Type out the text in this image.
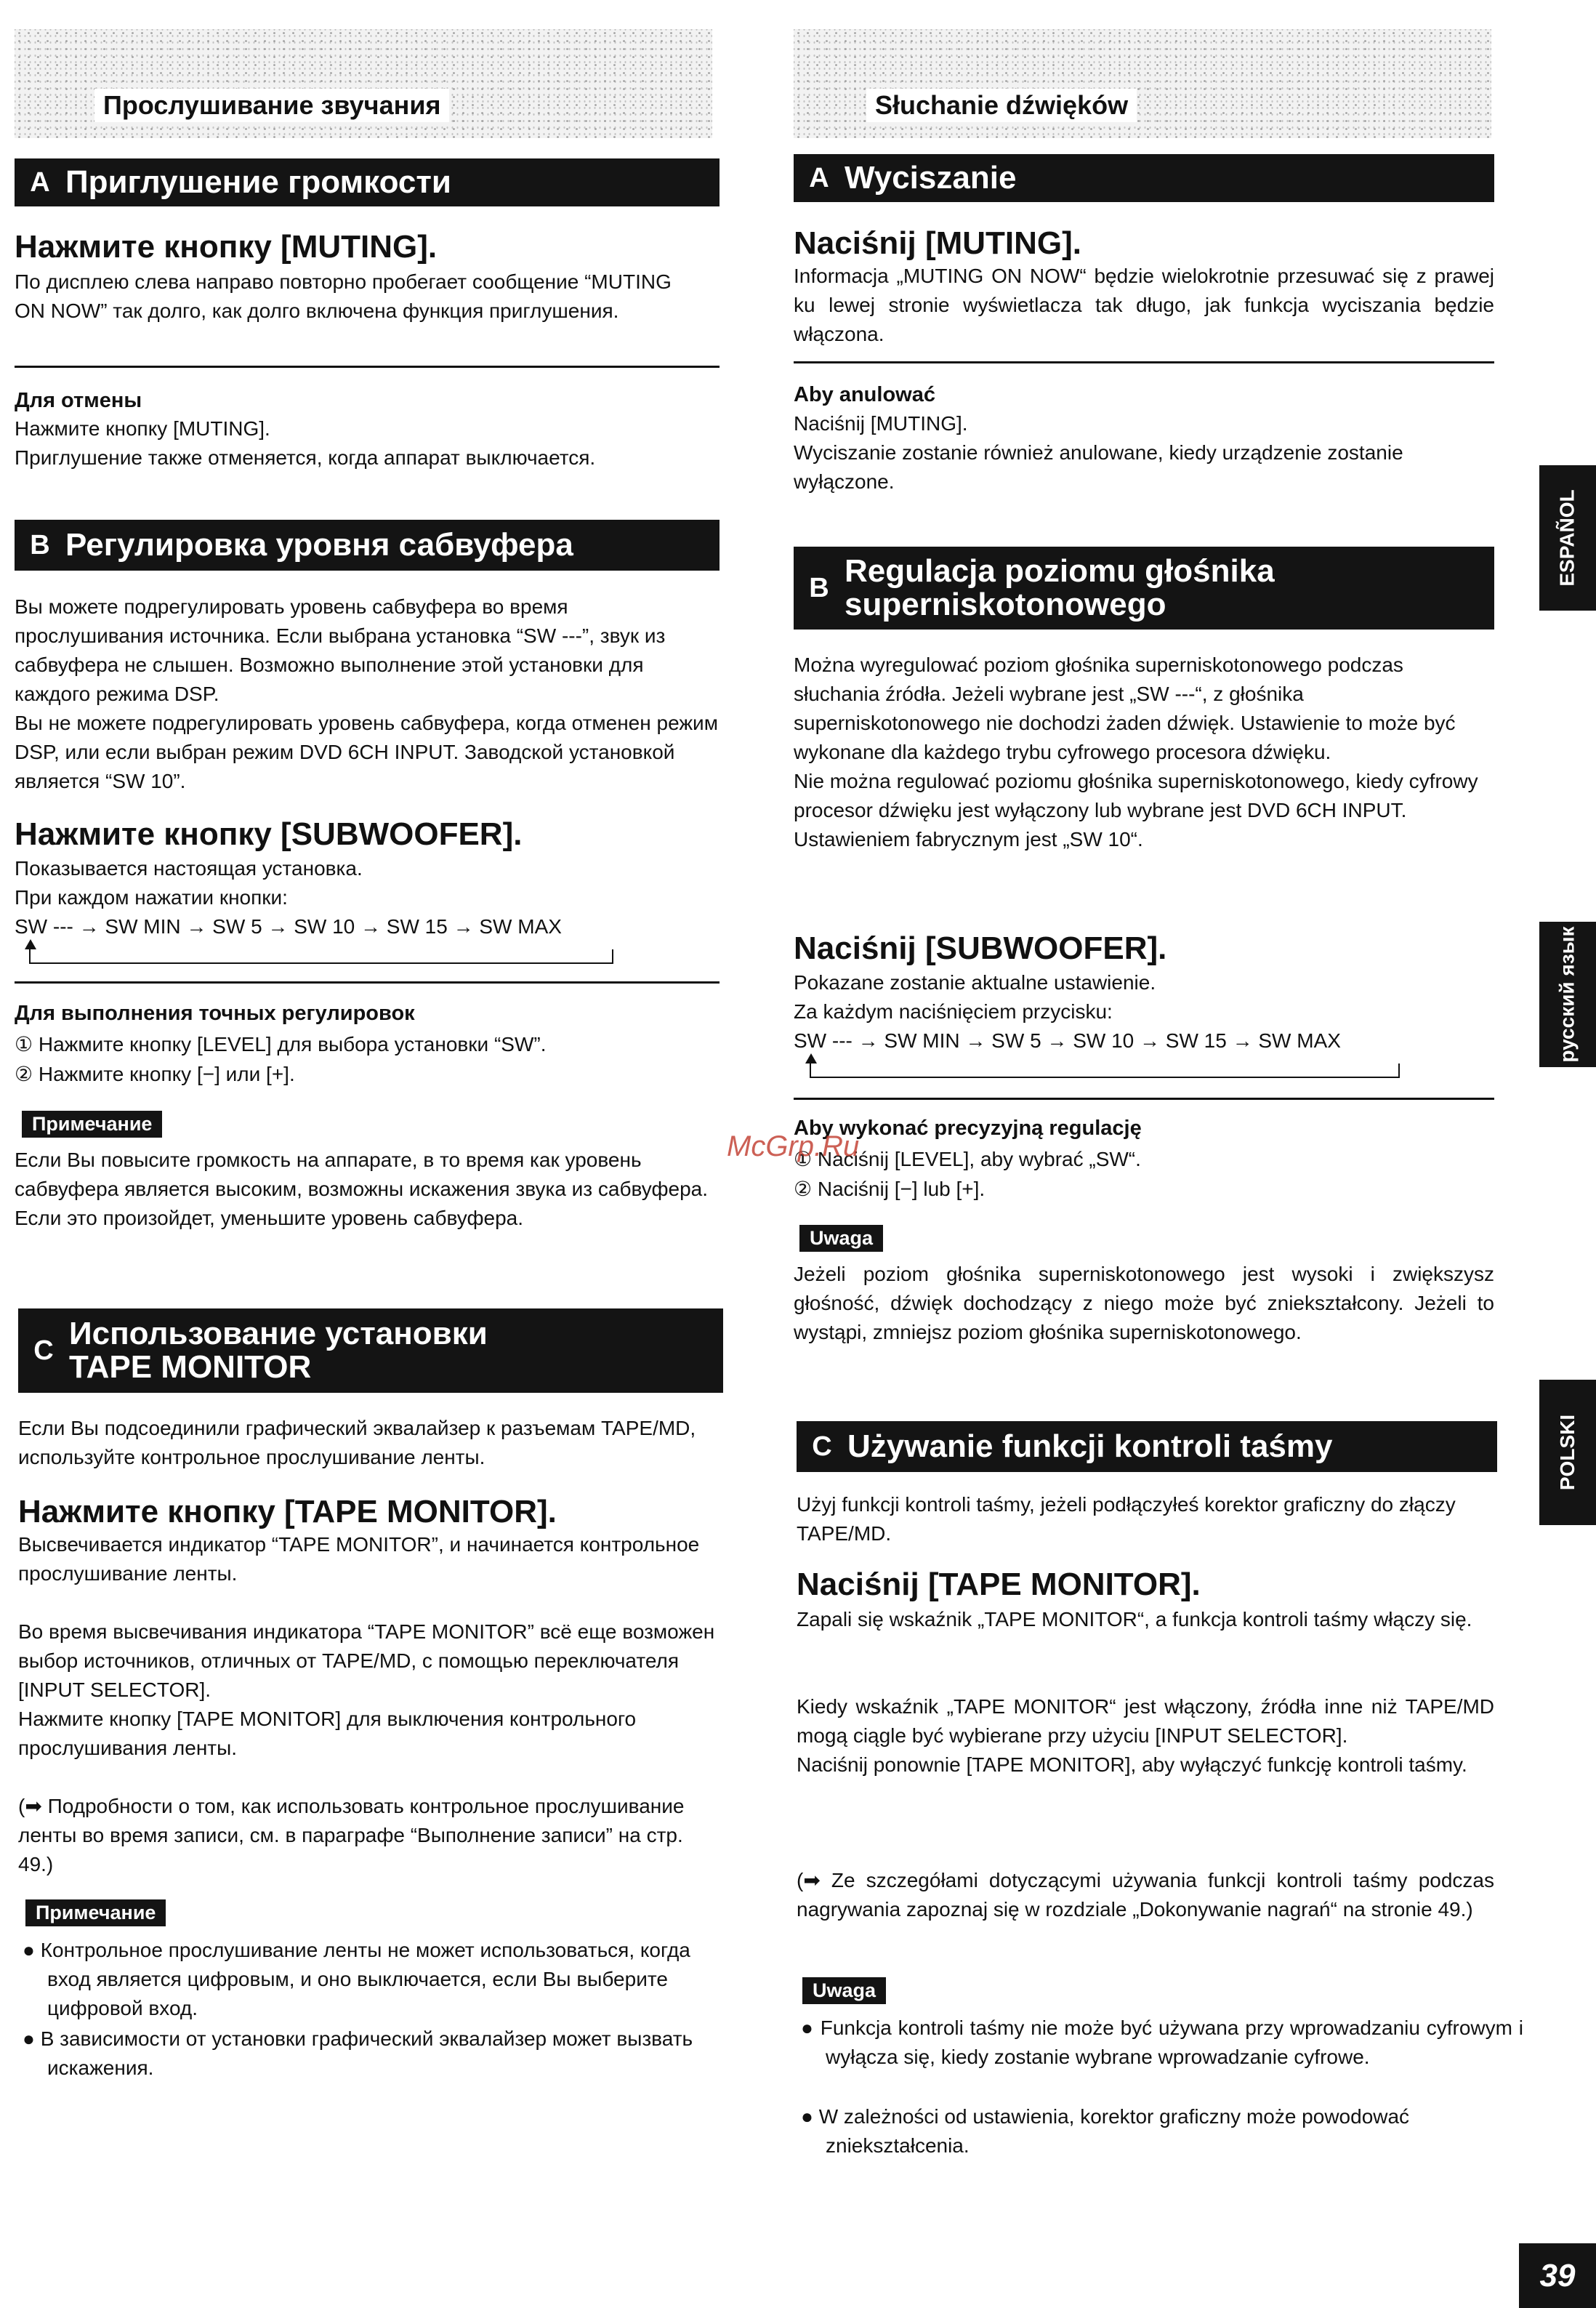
Прослушивание звучания
A Приглушение громкости

Нажмите кнопку [MUTING].

По дисплею слева направо повторно пробегает сообщение “MUTING ON NOW” так долго, как долго включена функция приглушения.

Для отмены

Нажмите кнопку [MUTING].
Приглушение также отменяется, когда аппарат выключается.

B Регулировка уровня сабвуфера

Вы можете подрегулировать уровень сабвуфера во время прослушивания источника. Если выбрана установка “SW ---”, звук из сабвуфера не слышен. Возможно выполнение этой установки для каждого режима DSP.
Вы не можете подрегулировать уровень сабвуфера, когда отменен режим DSP, или если выбран режим DVD 6CH INPUT. Заводской установкой является “SW 10”.

Нажмите кнопку [SUBWOOFER].

Показывается настоящая установка.
При каждом нажатии кнопки:

SW --- → SW MIN → SW 5 → SW 10 → SW 15 → SW MAX

Для выполнения точных регулировок

① Нажмите кнопку [LEVEL] для выбора установки “SW”.

② Нажмите кнопку [−] или [+].

Примечание

Если Вы повысите громкость на аппарате, в то время как уровень сабвуфера является высоким, возможны искажения звука из сабвуфера. Если это произойдет, уменьшите уровень сабвуфера.

C Использование установки
TAPE MONITOR

Если Вы подсоединили графический эквалайзер к разъемам TAPE/MD, используйте контрольное прослушивание ленты.

Нажмите кнопку [TAPE MONITOR].

Высвечивается индикатор “TAPE MONITOR”, и начинается контрольное прослушивание ленты.

Во время высвечивания индикатора “TAPE MONITOR” всё еще возможен выбор источников, отличных от TAPE/MD, с помощью переключателя [INPUT SELECTOR].
Нажмите кнопку [TAPE MONITOR] для выключения контрольного прослушивания ленты.

(➡ Подробности о том, как использовать контрольное прослушивание ленты во время записи, см. в параграфе “Выполнение записи” на стр. 49.)

Примечание

● Контрольное прослушивание ленты не может использоваться, когда вход является цифровым, и оно выключается, если Вы выберите цифровой вход.

● В зависимости от установки графический эквалайзер может вызвать искажения.

Słuchanie dźwięków
A Wyciszanie

Naciśnij [MUTING].

Informacja „MUTING ON NOW“ będzie wielokrotnie przesuwać się z prawej ku lewej stronie wyświetlacza tak długo, jak funkcja wyciszania będzie włączona.

Aby anulować

Naciśnij [MUTING].
Wyciszanie zostanie również anulowane, kiedy urządzenie zostanie wyłączone.

B Regulacja poziomu głośnika
superniskotonowego

Można wyregulować poziom głośnika superniskotonowego podczas słuchania źródła. Jeżeli wybrane jest „SW ---“, z głośnika superniskotonowego nie dochodzi żaden dźwięk. Ustawienie to może być wykonane dla każdego trybu cyfrowego procesora dźwięku.
Nie można regulować poziomu głośnika superniskotonowego, kiedy cyfrowy procesor dźwięku jest wyłączony lub wybrane jest DVD 6CH INPUT.
Ustawieniem fabrycznym jest „SW 10“.

Naciśnij [SUBWOOFER].

Pokazane zostanie aktualne ustawienie.
Za każdym naciśnięciem przycisku:

SW --- → SW MIN → SW 5 → SW 10 → SW 15 → SW MAX

Aby wykonać precyzyjną regulację

① Naciśnij [LEVEL], aby wybrać „SW“.

② Naciśnij [−] lub [+].

Uwaga

Jeżeli poziom głośnika superniskotonowego jest wysoki i zwiększysz głośność, dźwięk dochodzący z niego może być zniekształcony. Jeżeli to wystąpi, zmniejsz poziom głośnika superniskotonowego.

C Używanie funkcji kontroli taśmy

Użyj funkcji kontroli taśmy, jeżeli podłączyłeś korektor graficzny do złączy TAPE/MD.

Naciśnij [TAPE MONITOR].

Zapali się wskaźnik „TAPE MONITOR“, a funkcja kontroli taśmy włączy się.

Kiedy wskaźnik „TAPE MONITOR“ jest włączony, źródła inne niż TAPE/MD mogą ciągle być wybierane przy użyciu [INPUT SELECTOR].
Naciśnij ponownie [TAPE MONITOR], aby wyłączyć funkcję kontroli taśmy.

(➡ Ze szczegółami dotyczącymi używania funkcji kontroli taśmy podczas nagrywania zapoznaj się w rozdziale „Dokonywanie nagrań“ na stronie 49.)

Uwaga

● Funkcja kontroli taśmy nie może być używana przy wprowadzaniu cyfrowym i wyłącza się, kiedy zostanie wybrane wprowadzanie cyfrowe.

● W zależności od ustawienia, korektor graficzny może powodować zniekształcenia.

ESPAÑOL
русский язык
POLSKI
39
McGrp.Ru
